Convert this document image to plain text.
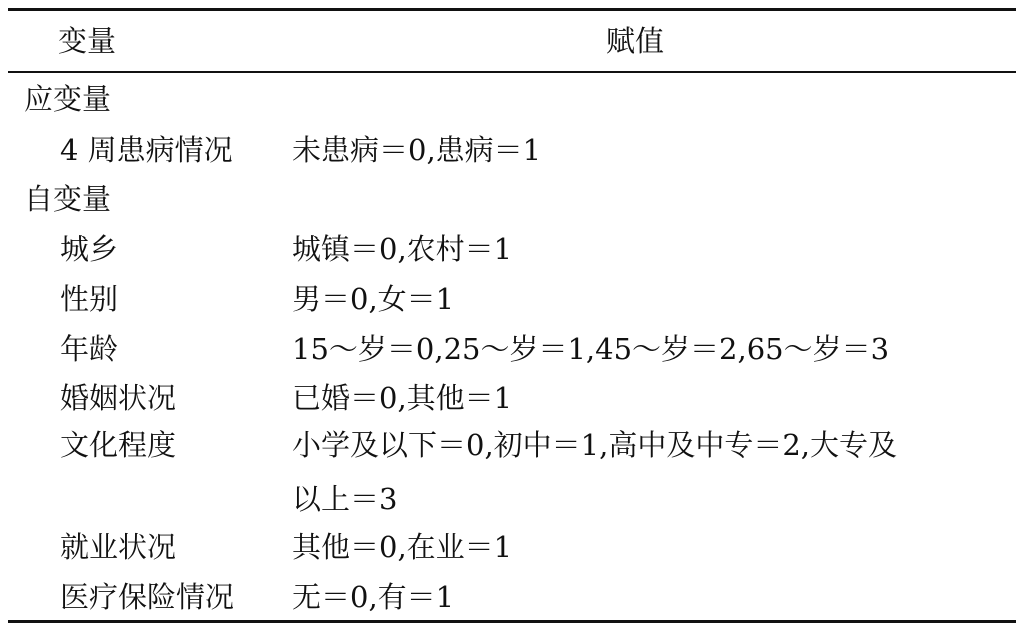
变量	赋值
应变量
4 周患病情况 未患病＝0,患病＝1
自变量
城乡	城镇＝0,农村＝1
性别	男＝0,女＝1
年龄	15～岁＝0,25～岁＝1,45～岁＝2,65～岁＝3
婚姻状况	已婚＝0,其他＝1
文化程度	小学及以下＝0,初中＝1,高中及中专＝2,大专及
以上＝3
就业状况	其他＝0,在业＝1
医疗保险情况 无＝0,有＝1
